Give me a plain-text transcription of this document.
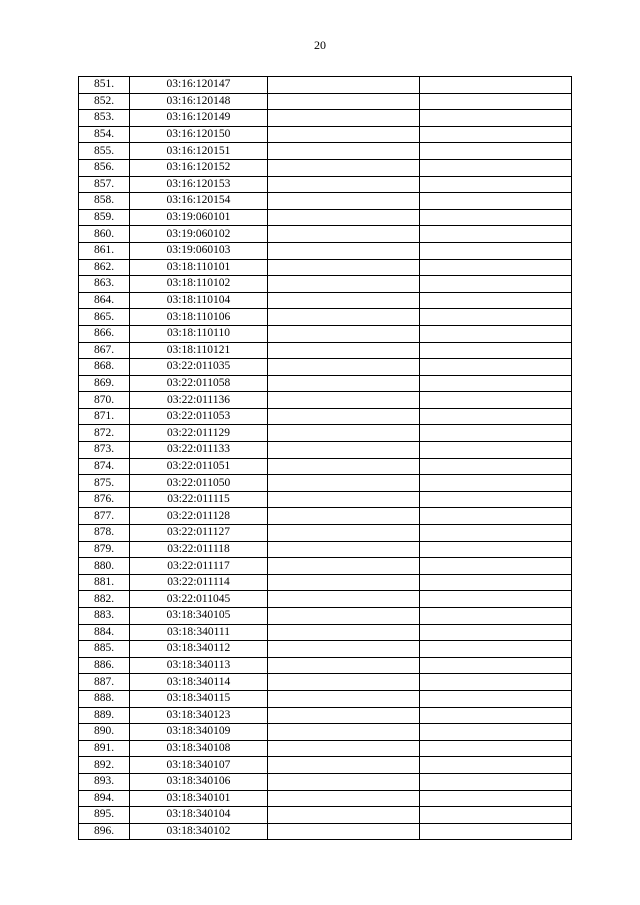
20
851.	03:16:120147		
852.	03:16:120148		
853.	03:16:120149		
854.	03:16:120150		
855.	03:16:120151		
856.	03:16:120152		
857.	03:16:120153		
858.	03:16:120154		
859.	03:19:060101		
860.	03:19:060102		
861.	03:19:060103		
862.	03:18:110101		
863.	03:18:110102		
864.	03:18:110104		
865.	03:18:110106		
866.	03:18:110110		
867.	03:18:110121		
868.	03:22:011035		
869.	03:22:011058		
870.	03:22:011136		
871.	03:22:011053		
872.	03:22:011129		
873.	03:22:011133		
874.	03:22:011051		
875.	03:22:011050		
876.	03:22:011115		
877.	03:22:011128		
878.	03:22:011127		
879.	03:22:011118		
880.	03:22:011117		
881.	03:22:011114		
882.	03:22:011045		
883.	03:18:340105		
884.	03:18:340111		
885.	03:18:340112		
886.	03:18:340113		
887.	03:18:340114		
888.	03:18:340115		
889.	03:18:340123		
890.	03:18:340109		
891.	03:18:340108		
892.	03:18:340107		
893.	03:18:340106		
894.	03:18:340101		
895.	03:18:340104		
896.	03:18:340102		
